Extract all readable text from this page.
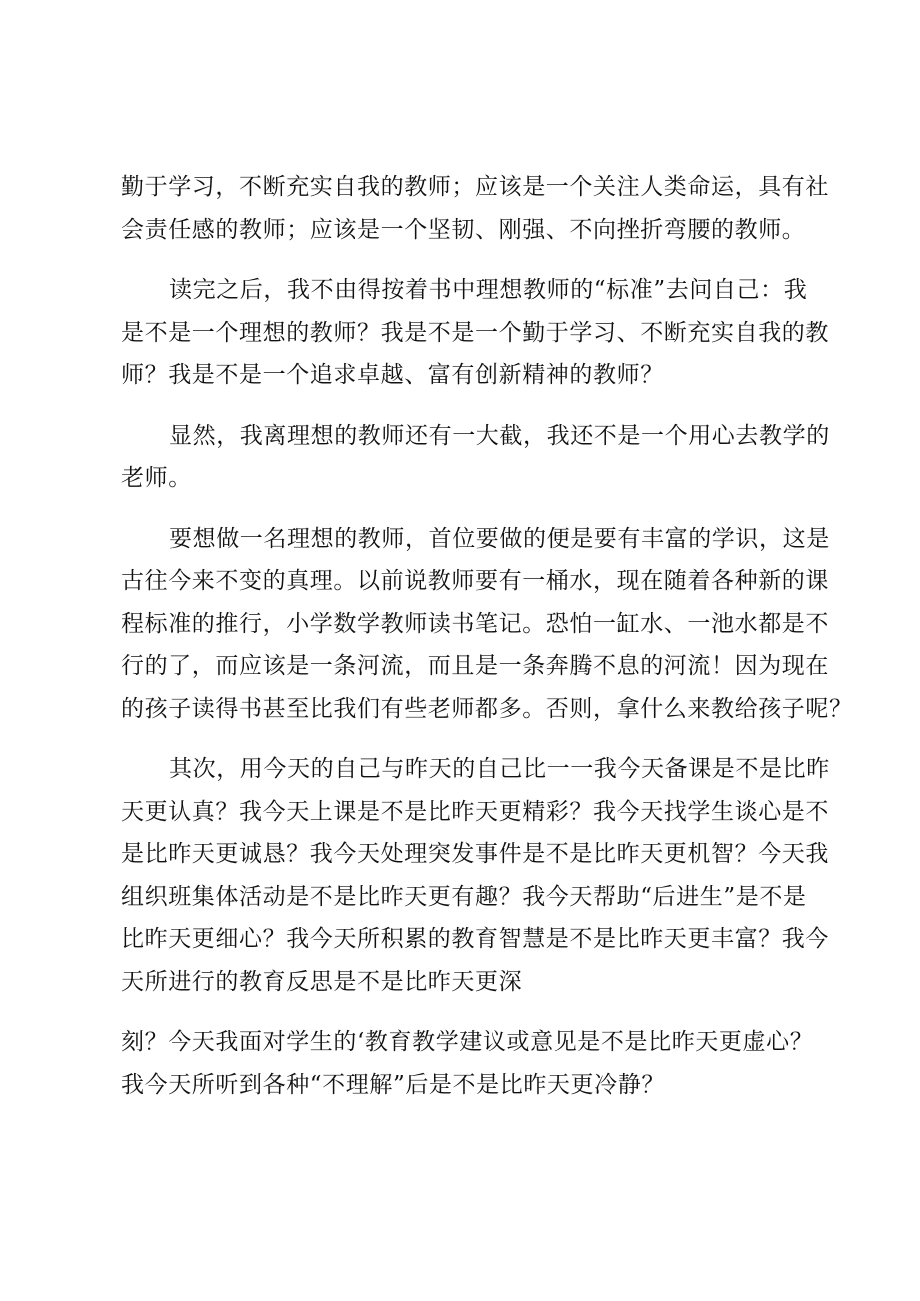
勤于学习，不断充实自我的教师；应该是一个关注人类命运，具有社
会责任感的教师；应该是一个坚韧、刚强、不向挫折弯腰的教师。
读完之后，我不由得按着书中理想教师的“标准”去问自己：我
是不是一个理想的教师？我是不是一个勤于学习、不断充实自我的教
师？我是不是一个追求卓越、富有创新精神的教师？
显然，我离理想的教师还有一大截，我还不是一个用心去教学的
老师。
要想做一名理想的教师，首位要做的便是要有丰富的学识，这是
古往今来不变的真理。以前说教师要有一桶水，现在随着各种新的课
程标准的推行，小学数学教师读书笔记。恐怕一缸水、一池水都是不
行的了，而应该是一条河流，而且是一条奔腾不息的河流！因为现在
的孩子读得书甚至比我们有些老师都多。否则，拿什么来教给孩子呢？
其次，用今天的自己与昨天的自己比一一我今天备课是不是比昨
天更认真？我今天上课是不是比昨天更精彩？我今天找学生谈心是不
是比昨天更诚恳？我今天处理突发事件是不是比昨天更机智？今天我
组织班集体活动是不是比昨天更有趣？我今天帮助“后进生”是不是
比昨天更细心？我今天所积累的教育智慧是不是比昨天更丰富？我今
天所进行的教育反思是不是比昨天更深
刻？今天我面对学生的‘教育教学建议或意见是不是比昨天更虚心？
我今天所听到各种“不理解”后是不是比昨天更冷静？
